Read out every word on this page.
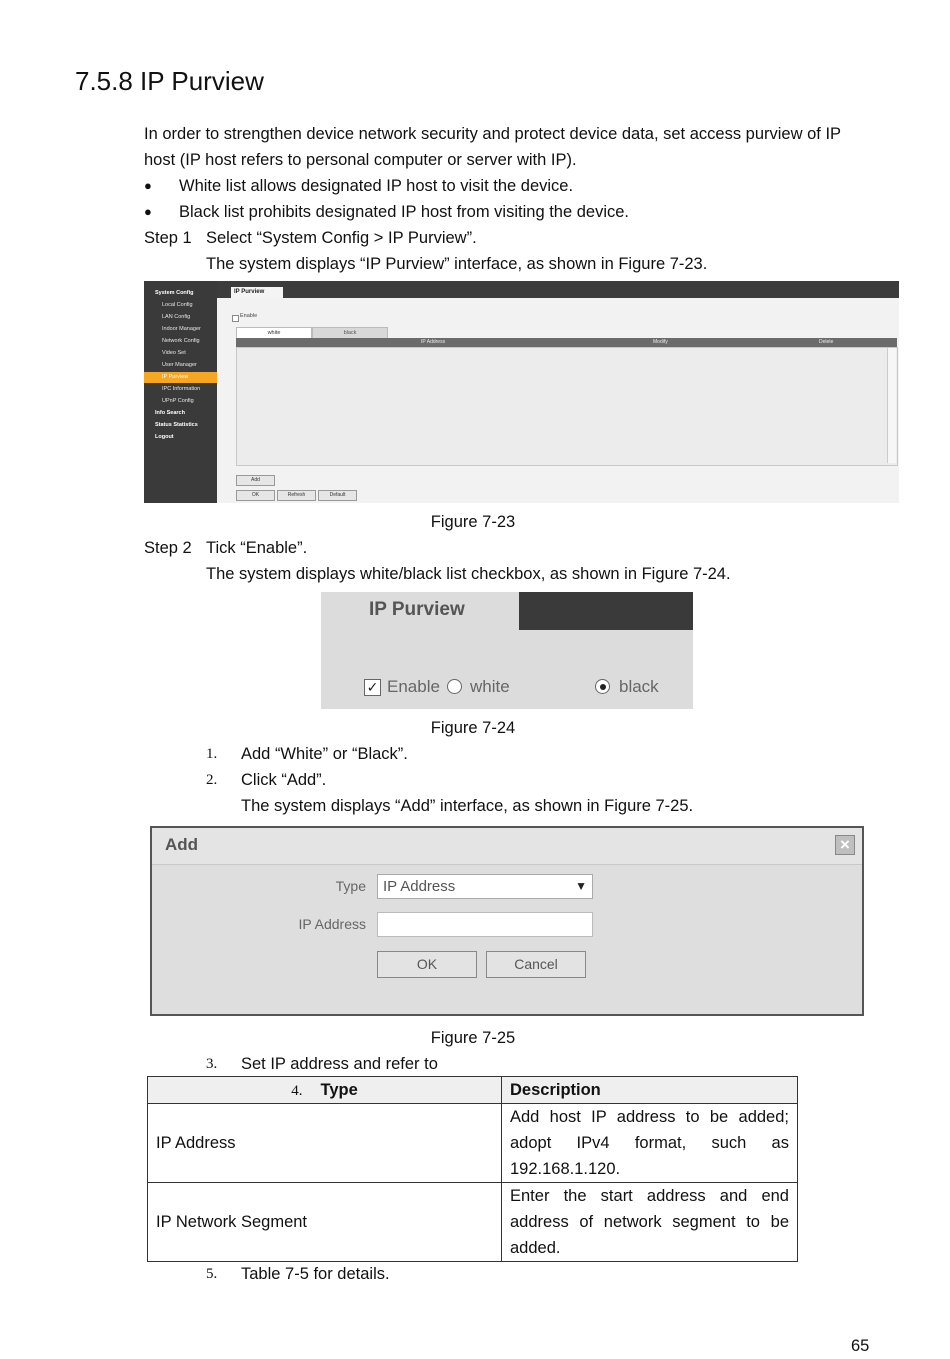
7.5.8 IP Purview
In order to strengthen device network security and protect device data, set access purview of IP
host (IP host refers to personal computer or server with IP).
● White list allows designated IP host to visit the device.
● Black list prohibits designated IP host from visiting the device.
Step 1 Select “System Config > IP Purview”.
The system displays “IP Purview” interface, as shown in Figure 7-23.
System Config
Local Config
LAN Config
Indoor Manager
Network Config
Video Set
User Manager
IP Purview
IPC Information
UPnP Config
Info Search
Status Statistics
Logout
IP Purview
Enable
white	black
IP Address	Modify	Delete
Add
OK	Refresh	Default
Figure 7-23
Step 2 Tick “Enable”.
The system displays white/black list checkbox, as shown in Figure 7-24.
IP Purview
✓ Enable white	black
Figure 7-24
1. Add “White” or “Black”.
2. Click “Add”.
The system displays “Add” interface, as shown in Figure 7-25.
Add	×
Type	IP Address	▼
IP Address
OK	Cancel
Figure 7-25
3. Set IP address and refer to
4. Type	Description
IP Address	Add host IP address to be added; adopt IPv4 format, such as 192.168.1.120.
IP Network Segment	Enter the start address and end address of network segment to be added.
5. Table 7-5 for details.
65
